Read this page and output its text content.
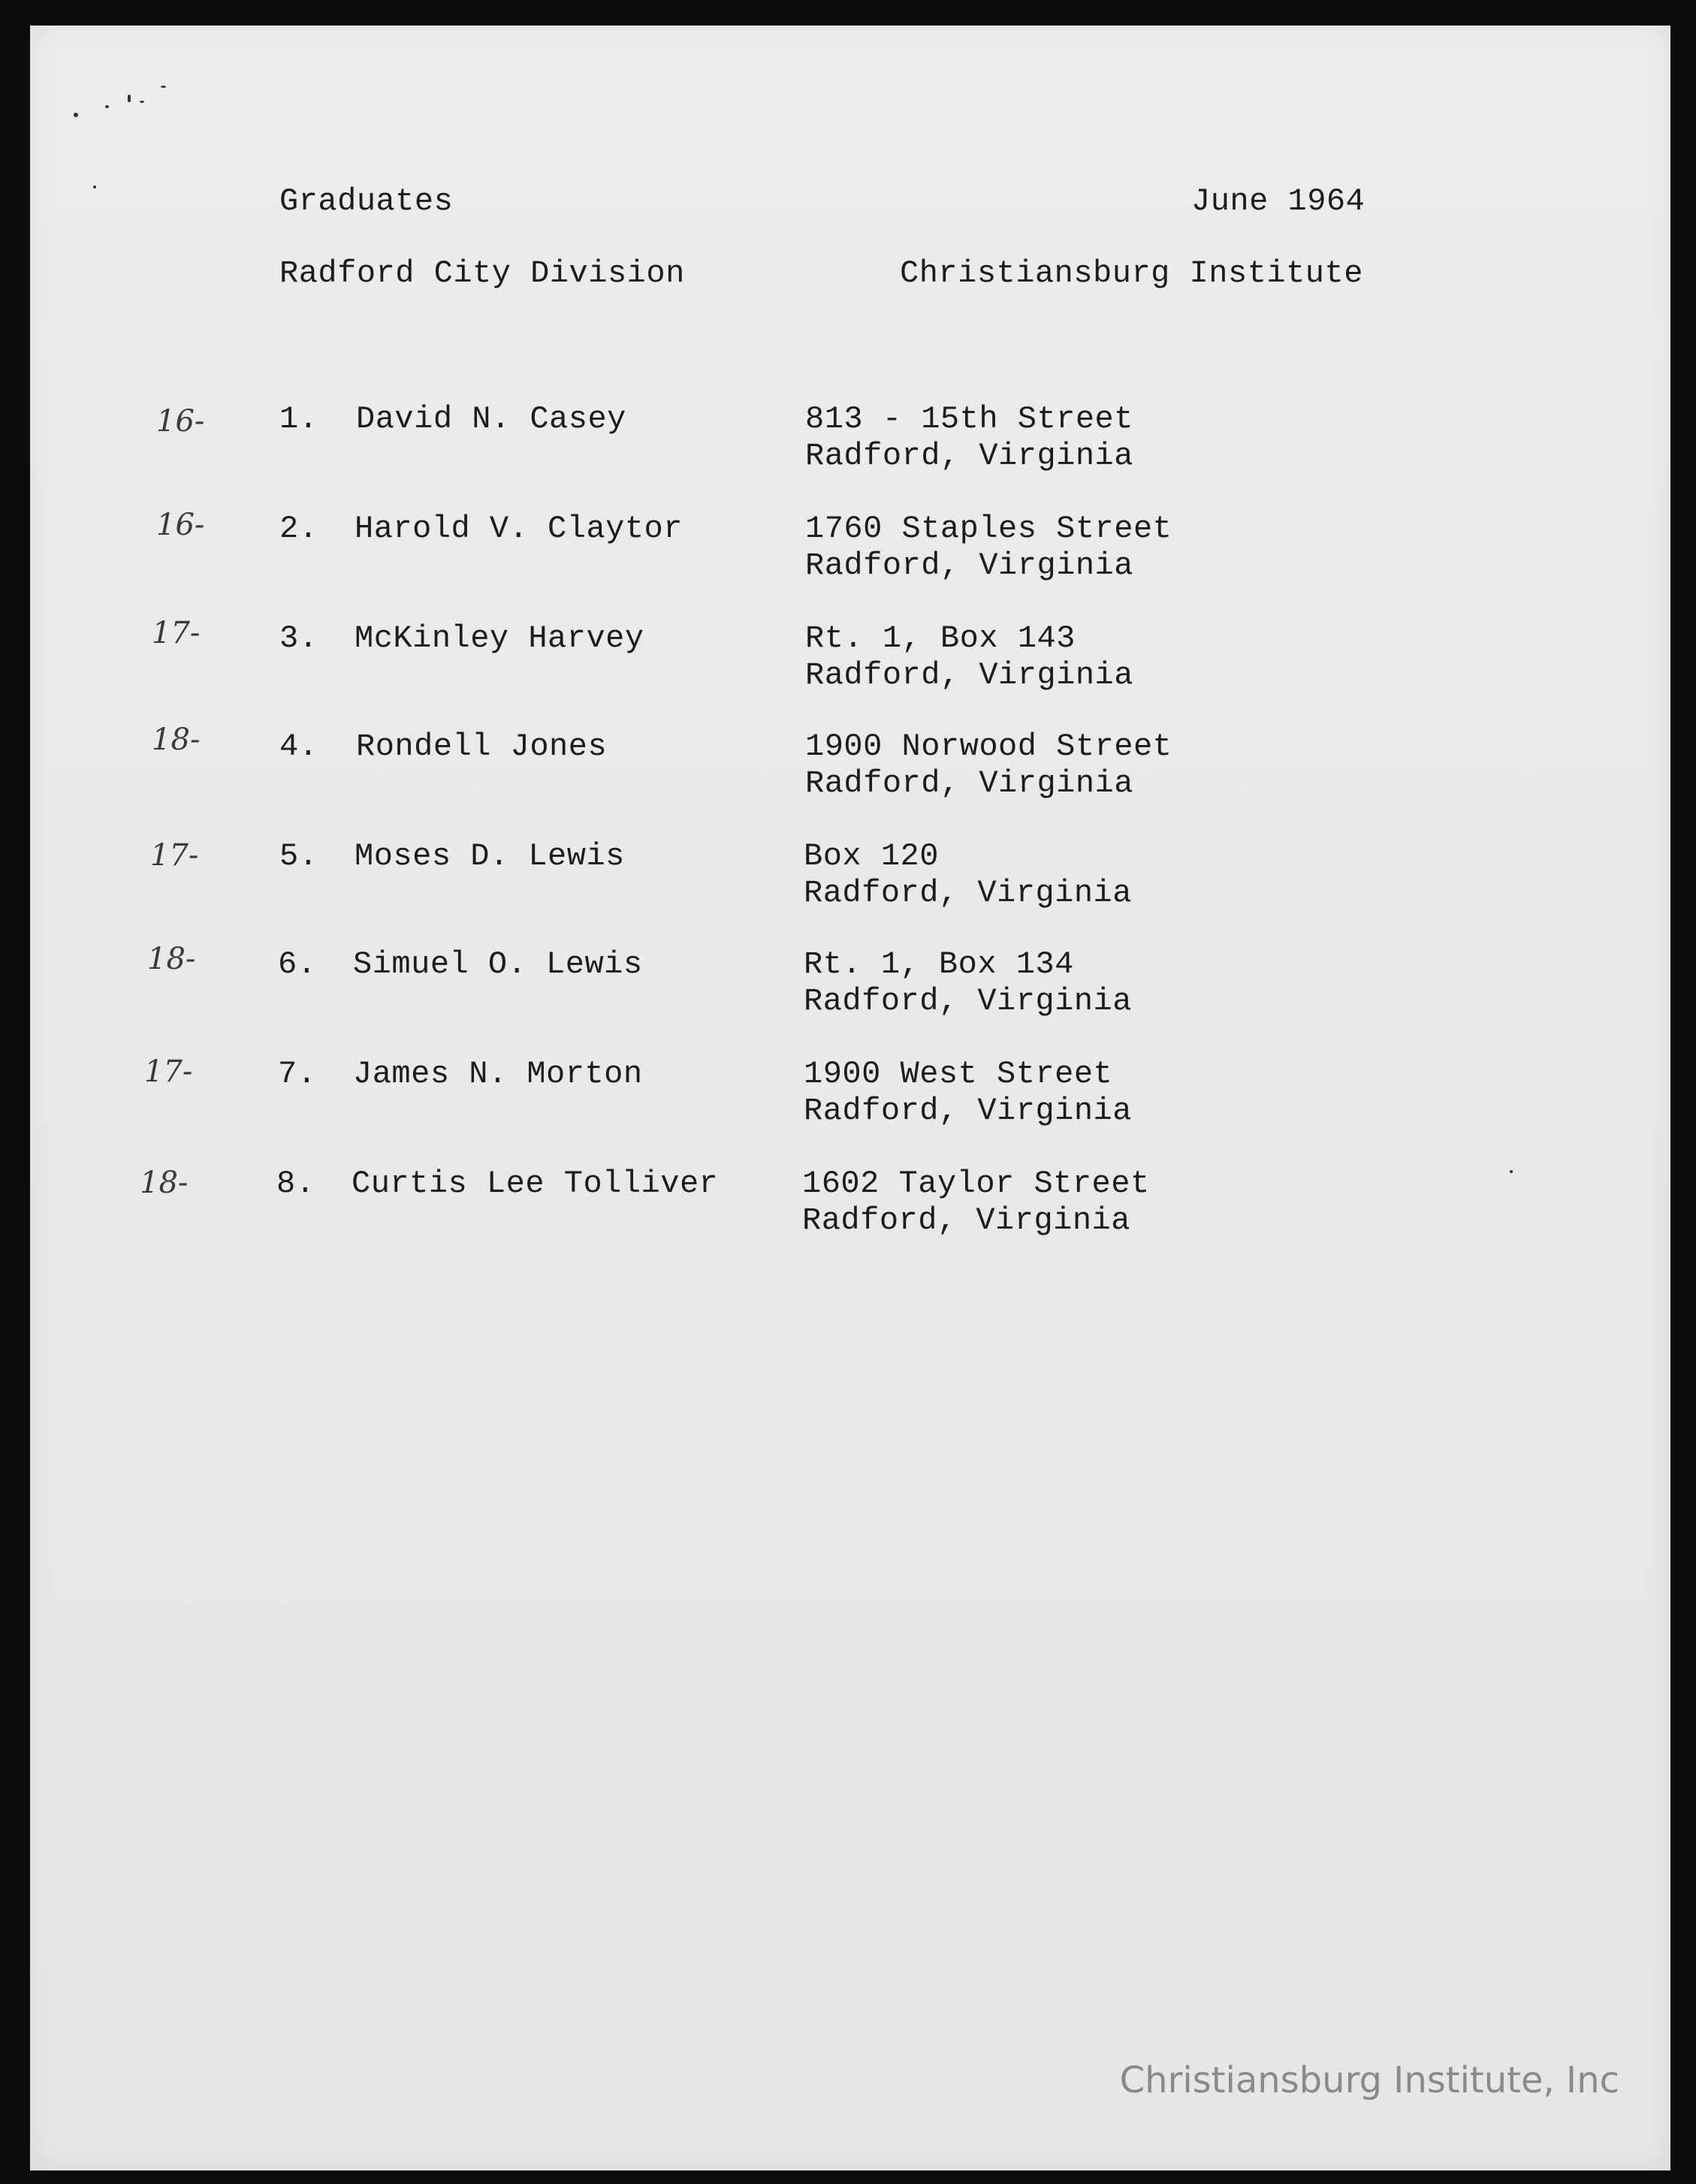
Graduates	June 1964
Radford City Division	Christiansburg Institute
16- 1. David N. Casey	813 - 15th Street
Radford, Virginia
16- 2. Harold V. Claytor	1760 Staples Street
Radford, Virginia
17-	3. McKinley Harvey	Rt. 1, Box 143
Radford, Virginia
18-	4. Rondell Jones	1900 Norwood Street
Radford, Virginia
17-	5. Moses D. Lewis	Box 120
Radford, Virginia
18-	6. Simuel O. Lewis	Rt. 1, Box 134
Radford, Virginia
17-	7. James N. Morton	1900 West Street
Radford, Virginia
18-	8. Curtis Lee Tolliver	1602 Taylor Street
Radford, Virginia
Christiansburg Institute, Inc
